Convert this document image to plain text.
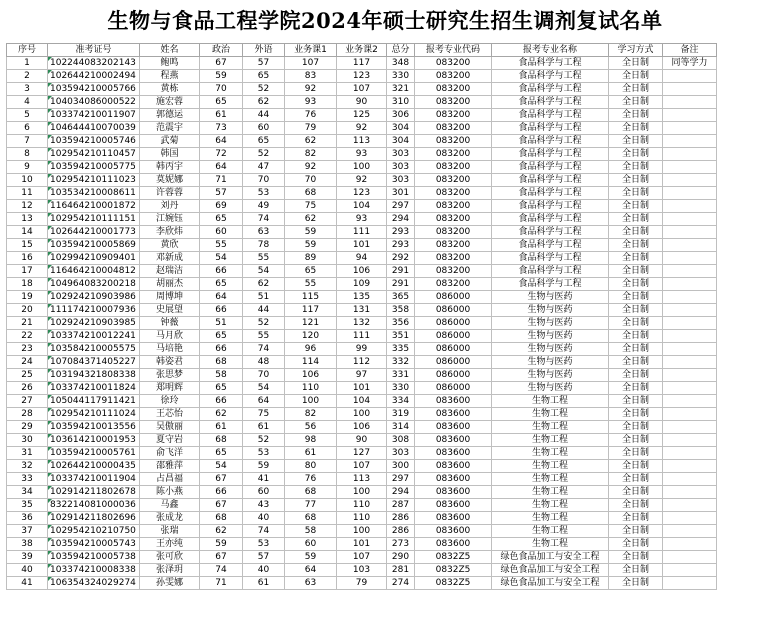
生物与食品工程学院2024年硕士研究生招生调剂复试名单
序号	准考证号	姓名	政治	外语	业务课1	业务课2	总分	报考专业代码	报考专业名称	学习方式	备注
1	102244083202143	鲍鸣	67	57	107	117	348	083200	食品科学与工程	全日制	同等学力
2	102644210002494	程燕	59	65	83	123	330	083200	食品科学与工程	全日制	
3	103594210005766	黄栋	70	52	92	107	321	083200	食品科学与工程	全日制	
4	104034086000522	施宏蓉	65	62	93	90	310	083200	食品科学与工程	全日制	
5	103374210011907	郭德运	61	44	76	125	306	083200	食品科学与工程	全日制	
6	104644410070039	范震宇	73	60	79	92	304	083200	食品科学与工程	全日制	
7	103594210005746	武菊	64	65	62	113	304	083200	食品科学与工程	全日制	
8	102954210110457	韩国	72	52	82	93	303	083200	食品科学与工程	全日制	
9	103594210005775	韩丙宇	64	47	92	100	303	083200	食品科学与工程	全日制	
10	102954210111023	莫妮娜	71	70	70	92	303	083200	食品科学与工程	全日制	
11	103534210008611	许蓉蓉	57	53	68	123	301	083200	食品科学与工程	全日制	
12	116464210001872	刘丹	69	49	75	104	297	083200	食品科学与工程	全日制	
13	102954210111151	江婉钰	65	74	62	93	294	083200	食品科学与工程	全日制	
14	102644210001773	李欣炜	60	63	59	111	293	083200	食品科学与工程	全日制	
15	103594210005869	黄欣	55	78	59	101	293	083200	食品科学与工程	全日制	
16	102994210909401	邓新成	54	55	89	94	292	083200	食品科学与工程	全日制	
17	116464210004812	赵瑞洁	66	54	65	106	291	083200	食品科学与工程	全日制	
18	104964083200218	胡丽杰	65	62	55	109	291	083200	食品科学与工程	全日制	
19	102924210903986	周博坤	64	51	115	135	365	086000	生物与医药	全日制	
20	111174210007936	史展望	66	44	117	131	358	086000	生物与医药	全日制	
21	102924210903985	钟薇	51	52	121	132	356	086000	生物与医药	全日制	
22	103374210012241	马月欣	65	55	120	111	351	086000	生物与医药	全日制	
23	103584210005575	马培艳	66	74	96	99	335	086000	生物与医药	全日制	
24	107084371405227	韩姿君	68	48	114	112	332	086000	生物与医药	全日制	
25	103194321808338	张思梦	58	70	106	97	331	086000	生物与医药	全日制	
26	103374210011824	郑明辉	65	54	110	101	330	086000	生物与医药	全日制	
27	105044117911421	徐玲	66	64	100	104	334	083600	生物工程	全日制	
28	102954210111024	王芯怡	62	75	82	100	319	083600	生物工程	全日制	
29	103594210013556	吴傲丽	61	61	56	106	314	083600	生物工程	全日制	
30	103614210001953	夏守岩	68	52	98	90	308	083600	生物工程	全日制	
31	103594210005761	俞飞洋	65	53	61	127	303	083600	生物工程	全日制	
32	102644210000435	邵雅萍	54	59	80	107	300	083600	生物工程	全日制	
33	103374210011904	占昌福	67	41	76	113	297	083600	生物工程	全日制	
34	102914211802678	陈小燕	66	60	68	100	294	083600	生物工程	全日制	
35	832214081000036	马鑫	67	43	77	110	287	083600	生物工程	全日制	
36	102914211802696	张成龙	68	40	68	110	286	083600	生物工程	全日制	
37	102954210210750	张瑞	62	74	58	100	286	083600	生物工程	全日制	
38	103594210005743	王亦纯	59	53	60	101	273	083600	生物工程	全日制	
39	103594210005738	张可欣	67	57	59	107	290	0832Z5	绿色食品加工与安全工程	全日制	
40	103374210008338	张泽玥	74	40	64	103	281	0832Z5	绿色食品加工与安全工程	全日制	
41	106354324029274	孙雯娜	71	61	63	79	274	0832Z5	绿色食品加工与安全工程	全日制	
